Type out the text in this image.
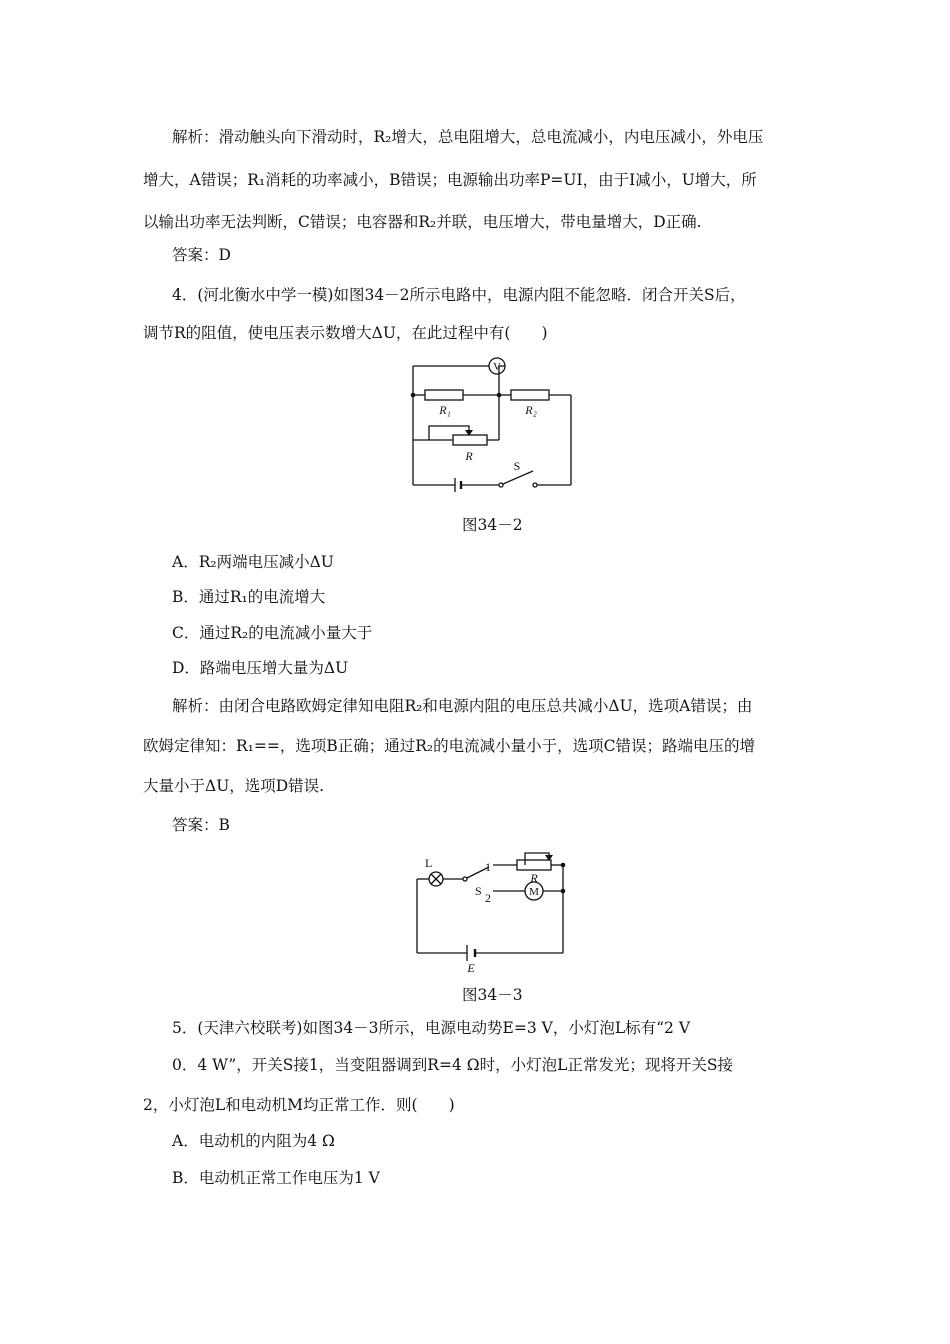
解析：滑动触头向下滑动时，R₂增大，总电阻增大，总电流减小，内电压减小，外电压
增大，A错误；R₁消耗的功率减小，B错误；电源输出功率P=UI，由于I减小，U增大，所
以输出功率无法判断，C错误；电容器和R₂并联，电压增大，带电量增大，D正确.
答案：D
4．(河北衡水中学一模)如图34－2所示电路中，电源内阻不能忽略．闭合开关S后，
调节R的阻值，使电压表示数增大ΔU，在此过程中有(　　)
V
R₁	R₂
R
S
图34－2
A．R₂两端电压减小ΔU
B．通过R₁的电流增大
C．通过R₂的电流减小量大于
D．路端电压增大量为ΔU
解析：由闭合电路欧姆定律知电阻R₂和电源内阻的电压总共减小ΔU，选项A错误；由
欧姆定律知：R₁==，选项B正确；通过R₂的电流减小量小于，选项C错误；路端电压的增
大量小于ΔU，选项D错误.
答案：B
L
S
1
2
R
M
E
图34－3
5．(天津六校联考)如图34－3所示，电源电动势E=3 V，小灯泡L标有“2 V
0．4 W”，开关S接1，当变阻器调到R=4 Ω时，小灯泡L正常发光；现将开关S接
2，小灯泡L和电动机M均正常工作．则(　　)
A．电动机的内阻为4 Ω
B．电动机正常工作电压为1 V
